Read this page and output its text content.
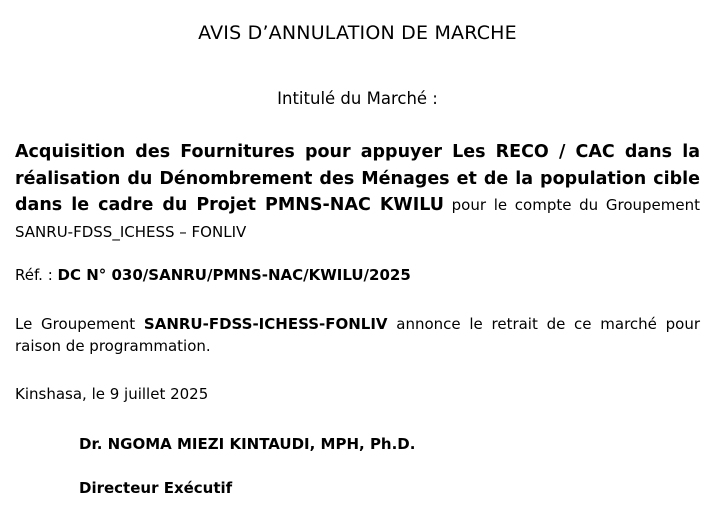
AVIS D’ANNULATION DE MARCHE
Intitulé du Marché :
Acquisition des Fournitures pour appuyer Les RECO / CAC dans la réalisation du Dénombrement des Ménages et de la population cible dans le cadre du Projet PMNS-NAC KWILU pour le compte du Groupement SANRU-FDSS_ICHESS – FONLIV
Réf. : DC N° 030/SANRU/PMNS-NAC/KWILU/2025
Le Groupement SANRU-FDSS-ICHESS-FONLIV annonce le retrait de ce marché pour raison de programmation.
Kinshasa, le 9 juillet 2025
Dr. NGOMA MIEZI KINTAUDI, MPH, Ph.D.
Directeur Exécutif
